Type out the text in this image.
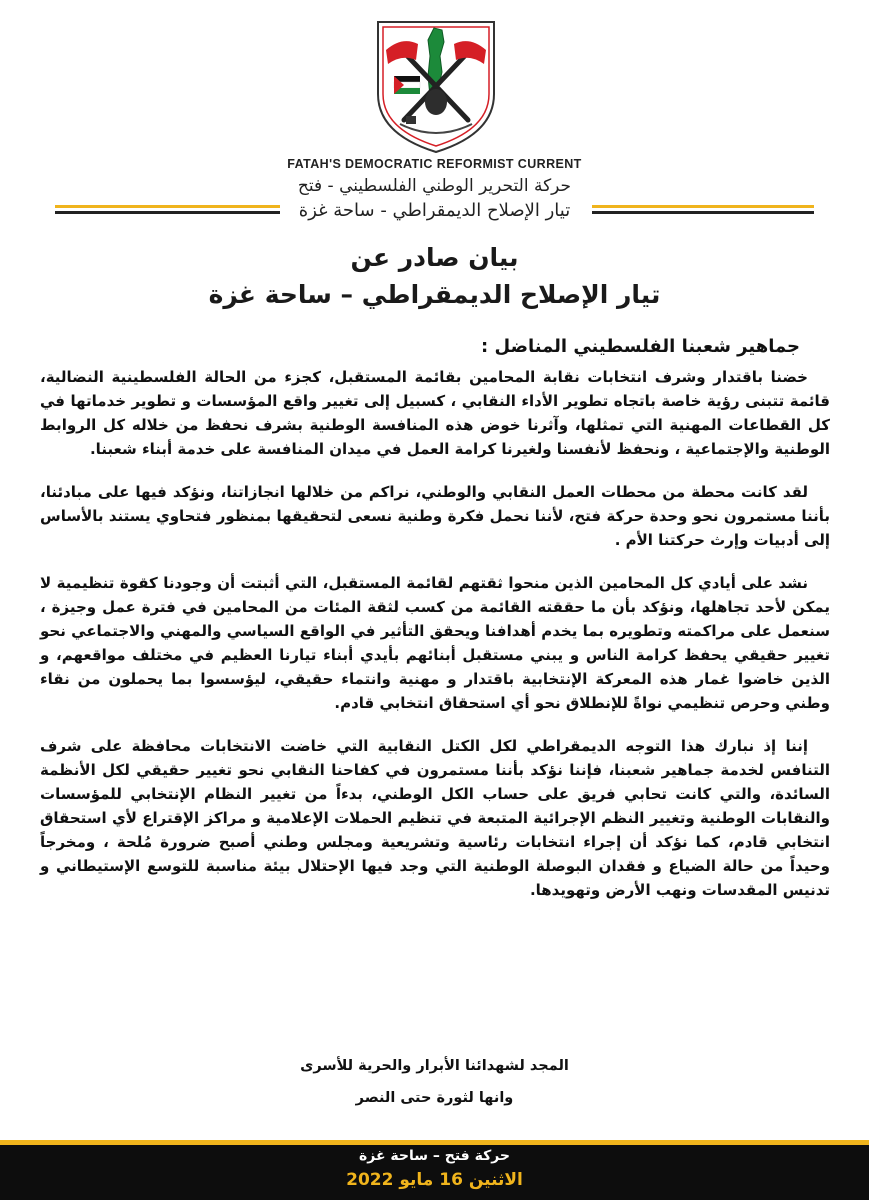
FATAH'S DEMOCRATIC REFORMIST CURRENT
حركة التحرير الوطني الفلسطيني - فتح
تيار الإصلاح الديمقراطي - ساحة غزة
بيان صادر عن
تيار الإصلاح الديمقراطي – ساحة غزة
جماهير شعبنا الفلسطيني المناضل :

خضنا باقتدار وشرف انتخابات نقابة المحامين بقائمة المستقبل، كجزء من الحالة الفلسطينية النضالية، قائمة تتبنى رؤية خاصة باتجاه تطوير الأداء النقابي ، كسبيل إلى تغيير واقع المؤسسات و تطوير خدماتها في كل القطاعات المهنية التي تمثلها، وآثرنا خوض هذه المنافسة الوطنية بشرف نحفظ من خلاله كل الروابط الوطنية والإجتماعية ، ونحفظ لأنفسنا ولغيرنا كرامة العمل في ميدان المنافسة على خدمة أبناء شعبنا.

لقد كانت محطة من محطات العمل النقابي والوطني، نراكم من خلالها انجازاتنا، ونؤكد فيها على مبادئنا، بأننا مستمرون نحو وحدة حركة فتح، لأننا نحمل فكرة وطنية نسعى لتحقيقها بمنظور فتحاوي يستند بالأساس إلى أدبيات وإرث حركتنا الأم .

نشد على أيادي كل المحامين الذين منحوا ثقتهم لقائمة المستقبل، التي أثبتت أن وجودنا كقوة تنظيمية لا يمكن لأحد تجاهلها، ونؤكد بأن ما حققته القائمة من كسب لثقة المئات من المحامين في فترة عمل وجيزة ، سنعمل على مراكمته وتطويره بما يخدم أهدافنا ويحقق التأثير في الواقع السياسي والمهني والاجتماعي نحو تغيير حقيقي يحفظ كرامة الناس و يبني مستقبل أبنائهم بأيدي أبناء تيارنا العظيم في مختلف مواقعهم، و الذين خاضوا غمار هذه المعركة الإنتخابية باقتدار و مهنية وانتماء حقيقي، ليؤسسوا بما يحملون من نقاء وطني وحرص تنظيمي نواةً للإنطلاق نحو أي استحقاق انتخابي قادم.

إننا إذ نبارك هذا التوجه الديمقراطي لكل الكتل النقابية التي خاضت الانتخابات محافظة على شرف التنافس لخدمة جماهير شعبنا، فإننا نؤكد بأننا مستمرون في كفاحنا النقابي نحو تغيير حقيقي لكل الأنظمة السائدة، والتي كانت تحابي فريق على حساب الكل الوطني، بدءاً من تغيير النظام الإنتخابي للمؤسسات والنقابات الوطنية وتغيير النظم الإجرائية المتبعة في تنظيم الحملات الإعلامية و مراكز الإقتراع لأي استحقاق انتخابي قادم، كما نؤكد أن إجراء انتخابات رئاسية وتشريعية ومجلس وطني أصبح ضرورة مُلحة ، ومخرجاً وحيداً من حالة الضياع و فقدان البوصلة الوطنية التي وجد فيها الإحتلال بيئة مناسبة للتوسع الإستيطاني و تدنيس المقدسات ونهب الأرض وتهويدها.

المجد لشهدائنا الأبرار والحرية للأسرى
وانها لثورة حتى النصر
حركة فتح – ساحة غزة
الاثنين 16 مايو 2022
